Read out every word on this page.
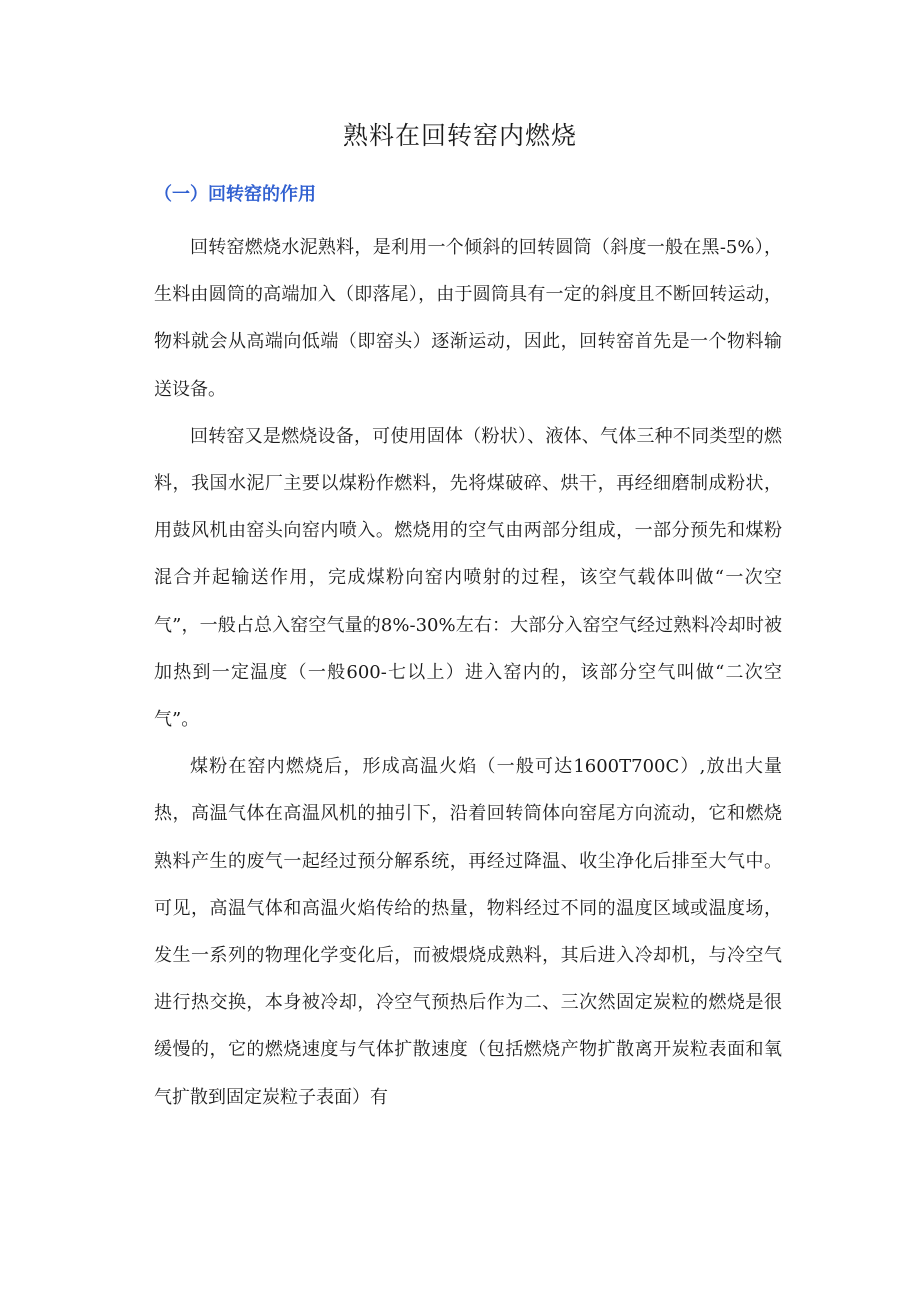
熟料在回转窑内燃烧
（一）回转窑的作用

回转窑燃烧水泥熟料，是利用一个倾斜的回转圆筒（斜度一般在黑-5%），生料由圆筒的高端加入（即落尾），由于圆筒具有一定的斜度且不断回转运动，物料就会从高端向低端（即窑头）逐渐运动，因此，回转窑首先是一个物料输送设备。

回转窑又是燃烧设备，可使用固体（粉状）、液体、气体三种不同类型的燃料，我国水泥厂主要以煤粉作燃料，先将煤破碎、烘干，再经细磨制成粉状，用鼓风机由窑头向窑内喷入。燃烧用的空气由两部分组成，一部分预先和煤粉混合并起输送作用，完成煤粉向窑内喷射的过程，该空气载体叫做“一次空气”，一般占总入窑空气量的8%-30%左右：大部分入窑空气经过熟料冷却时被加热到一定温度（一般600-七以上）进入窑内的，该部分空气叫做“二次空气”。

煤粉在窑内燃烧后，形成高温火焰（一般可达1600T700C）,放出大量热，高温气体在高温风机的抽引下，沿着回转筒体向窑尾方向流动，它和燃烧熟料产生的废气一起经过预分解系统，再经过降温、收尘净化后排至大气中。可见，高温气体和高温火焰传给的热量，物料经过不同的温度区域或温度场，发生一系列的物理化学变化后，而被煨烧成熟料，其后进入冷却机，与冷空气进行热交换，本身被冷却，冷空气预热后作为二、三次然固定炭粒的燃烧是很缓慢的，它的燃烧速度与气体扩散速度（包括燃烧产物扩散离开炭粒表面和氧气扩散到固定炭粒子表面）有
